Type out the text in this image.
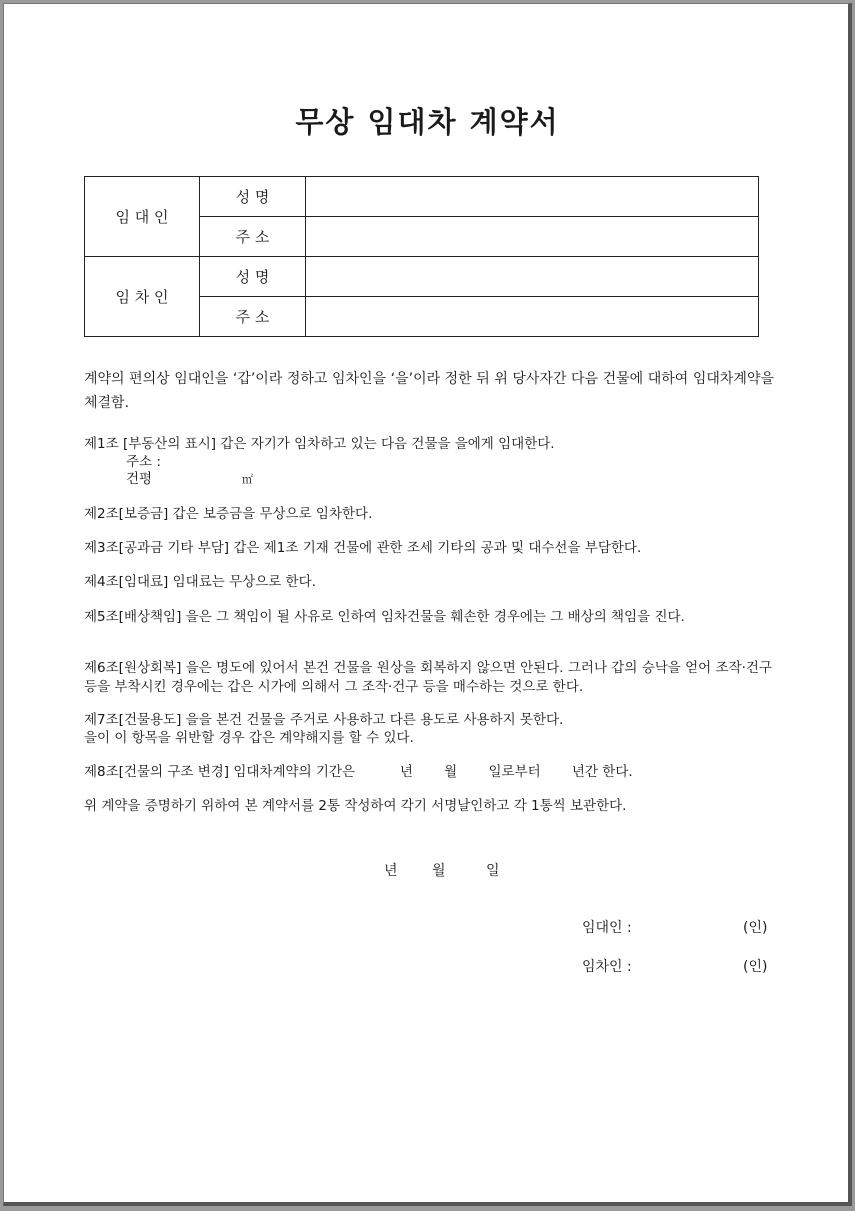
무상 임대차 계약서
임 대 인	성 명	
	주 소	
임 차 인	성 명	
	주 소	
계약의 편의상 임대인을 ‘갑’이라 정하고 임차인을 ‘을’이라 정한 뒤 위 당사자간 다음 건물에 대하여 임대차계약을 체결함.
제1조 [부동산의 표시] 갑은 자기가 임차하고 있는 다음 건물을 을에게 임대한다.
주소 :
건평	㎡
제2조[보증금] 갑은 보증금을 무상으로 임차한다.
제3조[공과금 기타 부담] 갑은 제1조 기재 건물에 관한 조세 기타의 공과 및 대수선을 부담한다.
제4조[임대료] 임대료는 무상으로 한다.
제5조[배상책임] 을은 그 책임이 될 사유로 인하여 임차건물을 훼손한 경우에는 그 배상의 책임을 진다.
제6조[원상회복] 을은 명도에 있어서 본건 건물을 원상을 회복하지 않으면 안된다. 그러나 갑의 승낙을 얻어 조작·건구 등을 부착시킨 경우에는 갑은 시가에 의해서 그 조작·건구 등을 매수하는 것으로 한다.
제7조[건물용도] 을을 본건 건물을 주거로 사용하고 다른 용도로 사용하지 못한다.
을이 이 항목을 위반할 경우 갑은 계약해지를 할 수 있다.
제8조[건물의 구조 변경] 임대차계약의 기간은　　　 년　　 월　　 일로부터　　 년간 한다.
위 계약을 증명하기 위하여 본 계약서를 2통 작성하여 각기 서명날인하고 각 1통씩 보관한다.
년 월	일
임대인 :	(인)
임차인 :	(인)
